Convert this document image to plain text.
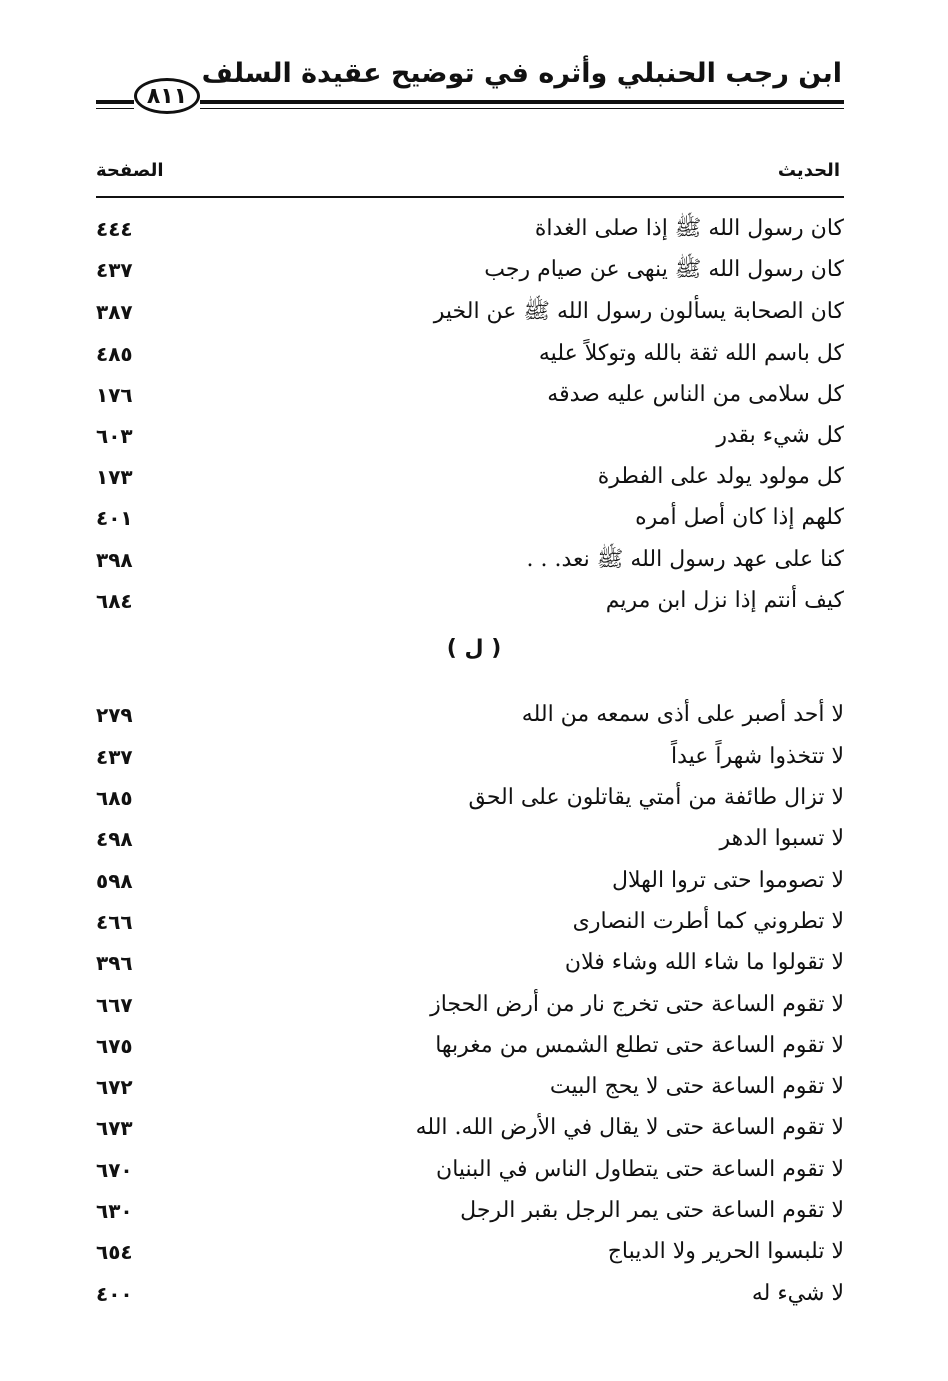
ابن رجب الحنبلي وأثره في توضيح عقيدة السلف
٨١١
الحديث
الصفحة
كان رسول الله ﷺ إذا صلى الغداة
٤٤٤
كان رسول الله ﷺ ينهى عن صيام رجب
٤٣٧
كان الصحابة يسألون رسول الله ﷺ عن الخير
٣٨٧
كل باسم الله ثقة بالله وتوكلاً عليه
٤٨٥
كل سلامى من الناس عليه صدقه
١٧٦
كل شيء بقدر
٦٠٣
كل مولود يولد على الفطرة
١٧٣
كلهم إذا كان أصل أمره
٤٠١
كنا على عهد رسول الله ﷺ نعد. . .
٣٩٨
كيف أنتم إذا نزل ابن مريم
٦٨٤
( ل )
لا أحد أصبر على أذى سمعه من الله
٢٧٩
لا تتخذوا شهراً عيداً
٤٣٧
لا تزال طائفة من أمتي يقاتلون على الحق
٦٨٥
لا تسبوا الدهر
٤٩٨
لا تصوموا حتى تروا الهلال
٥٩٨
لا تطروني كما أطرت النصارى
٤٦٦
لا تقولوا ما شاء الله وشاء فلان
٣٩٦
لا تقوم الساعة حتى تخرج نار من أرض الحجاز
٦٦٧
لا تقوم الساعة حتى تطلع الشمس من مغربها
٦٧٥
لا تقوم الساعة حتى لا يحج البيت
٦٧٢
لا تقوم الساعة حتى لا يقال في الأرض الله. الله
٦٧٣
لا تقوم الساعة حتى يتطاول الناس في البنيان
٦٧٠
لا تقوم الساعة حتى يمر الرجل بقبر الرجل
٦٣٠
لا تلبسوا الحرير ولا الديباج
٦٥٤
لا شيء له
٤٠٠
